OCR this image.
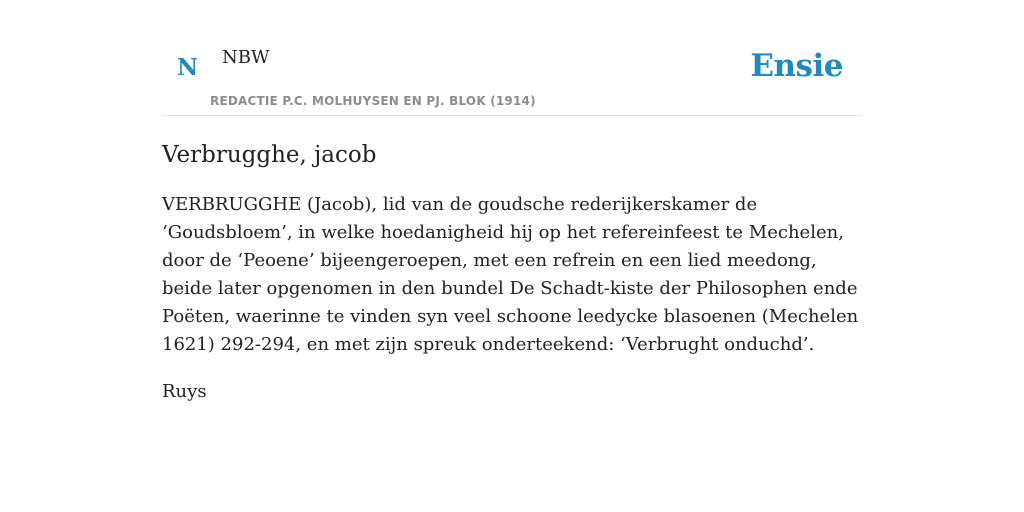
N NBW
REDACTIE P.C. MOLHUYSEN EN PJ. BLOK (1914)
Ensie
Verbrugghe, jacob

VERBRUGGHE (Jacob), lid van de goudsche rederijkerskamer de ‘Goudsbloem’, in welke hoedanigheid hij op het refereinfeest te Mechelen, door de ‘Peoene’ bijeengeroepen, met een refrein en een lied meedong, beide later opgenomen in den bundel De Schadt-kiste der Philosophen ende Poëten, waerinne te vinden syn veel schoone leedycke blasoenen (Mechelen 1621) 292-294, en met zijn spreuk onderteekend: ‘Verbrught onduchd’.

Ruys
